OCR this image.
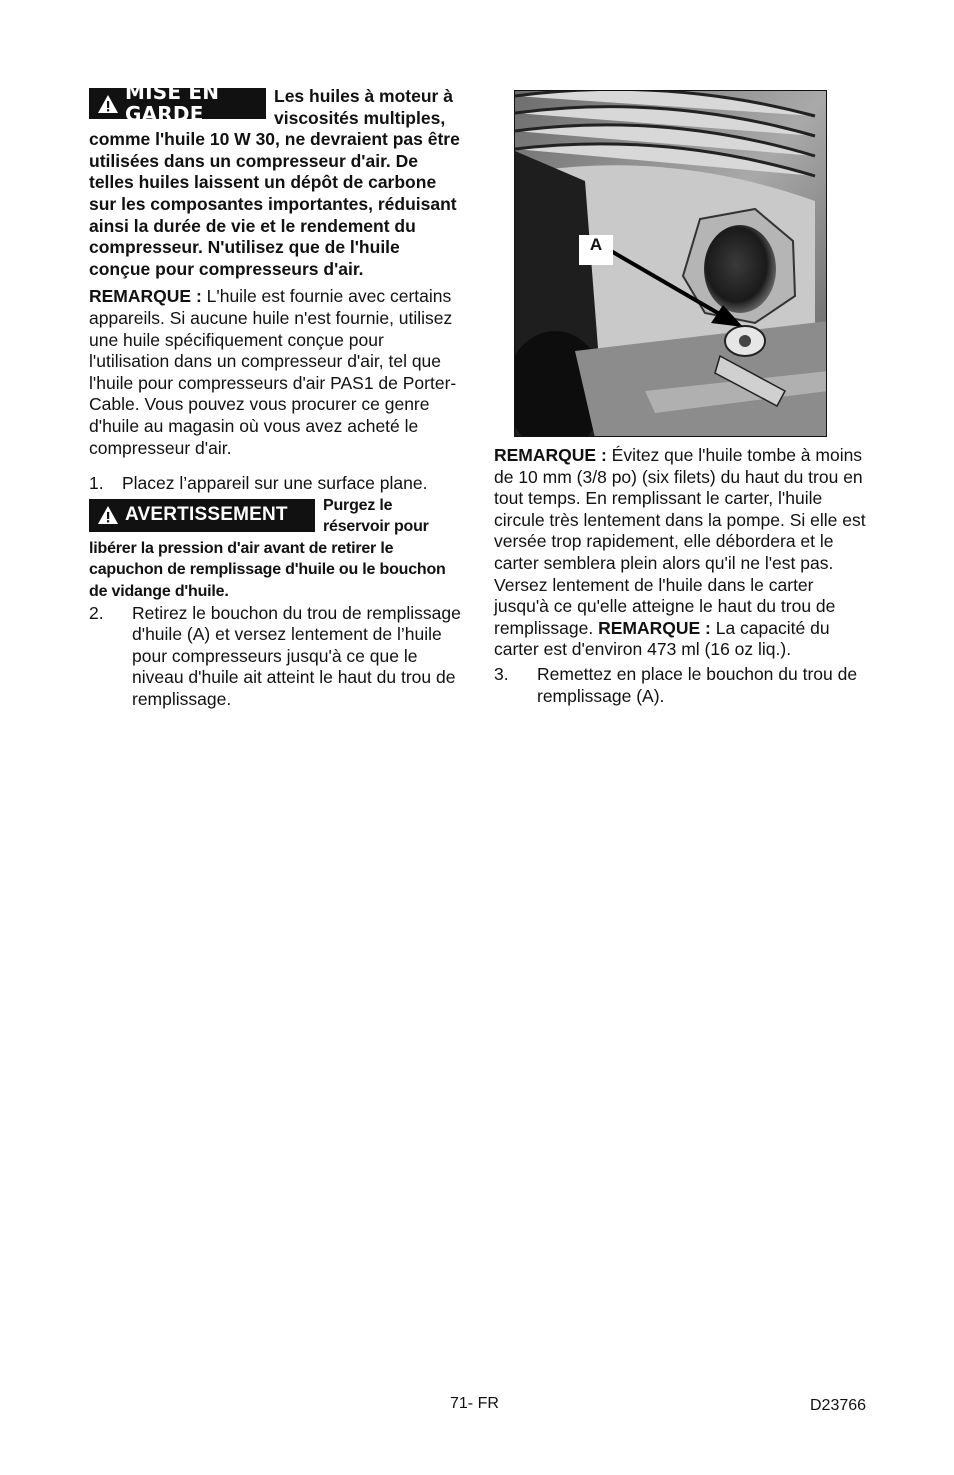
MISE EN GARDE

Les huiles à moteur à viscosités multiples, comme l'huile 10 W 30, ne devraient pas être utilisées dans un compresseur d'air. De telles huiles laissent un dépôt de carbone sur les composantes importantes, réduisant ainsi la durée de vie et le rendement du compresseur. N'utilisez que de l'huile conçue pour compresseurs d'air.

REMARQUE : L'huile est fournie avec certains appareils. Si aucune huile n'est fournie, utilisez une huile spécifiquement conçue pour l'utilisation dans un compresseur d'air, tel que l'huile pour compresseurs d'air PAS1 de Porter-Cable. Vous pouvez vous procurer ce genre d'huile au magasin où vous avez acheté le compresseur d'air.

1.	Placez l’appareil sur une surface plane.
AVERTISSEMENT	Purgez le réservoir pour libérer la pression d'air avant de retirer le capuchon de remplissage d'huile ou le bouchon de vidange d'huile.

2.	Retirez le bouchon du trou de remplissage d'huile (A) et versez lentement de l’huile pour compresseurs jusqu'à ce que le niveau d'huile ait atteint le haut du trou de remplissage.
A

REMARQUE : Évitez que l'huile tombe à moins de 10 mm (3/8 po) (six filets) du haut du trou en tout temps. En remplissant le carter, l'huile circule très lentement dans la pompe. Si elle est versée trop rapidement, elle débordera et le carter semblera plein alors qu'il ne l'est pas. Versez lentement de l'huile dans le carter jusqu'à ce qu'elle atteigne le haut du trou de remplissage. REMARQUE : La capacité du carter est d'environ 473 ml (16 oz liq.).

3.	Remettez en place le bouchon du trou de remplissage (A).
71- FR	D23766
